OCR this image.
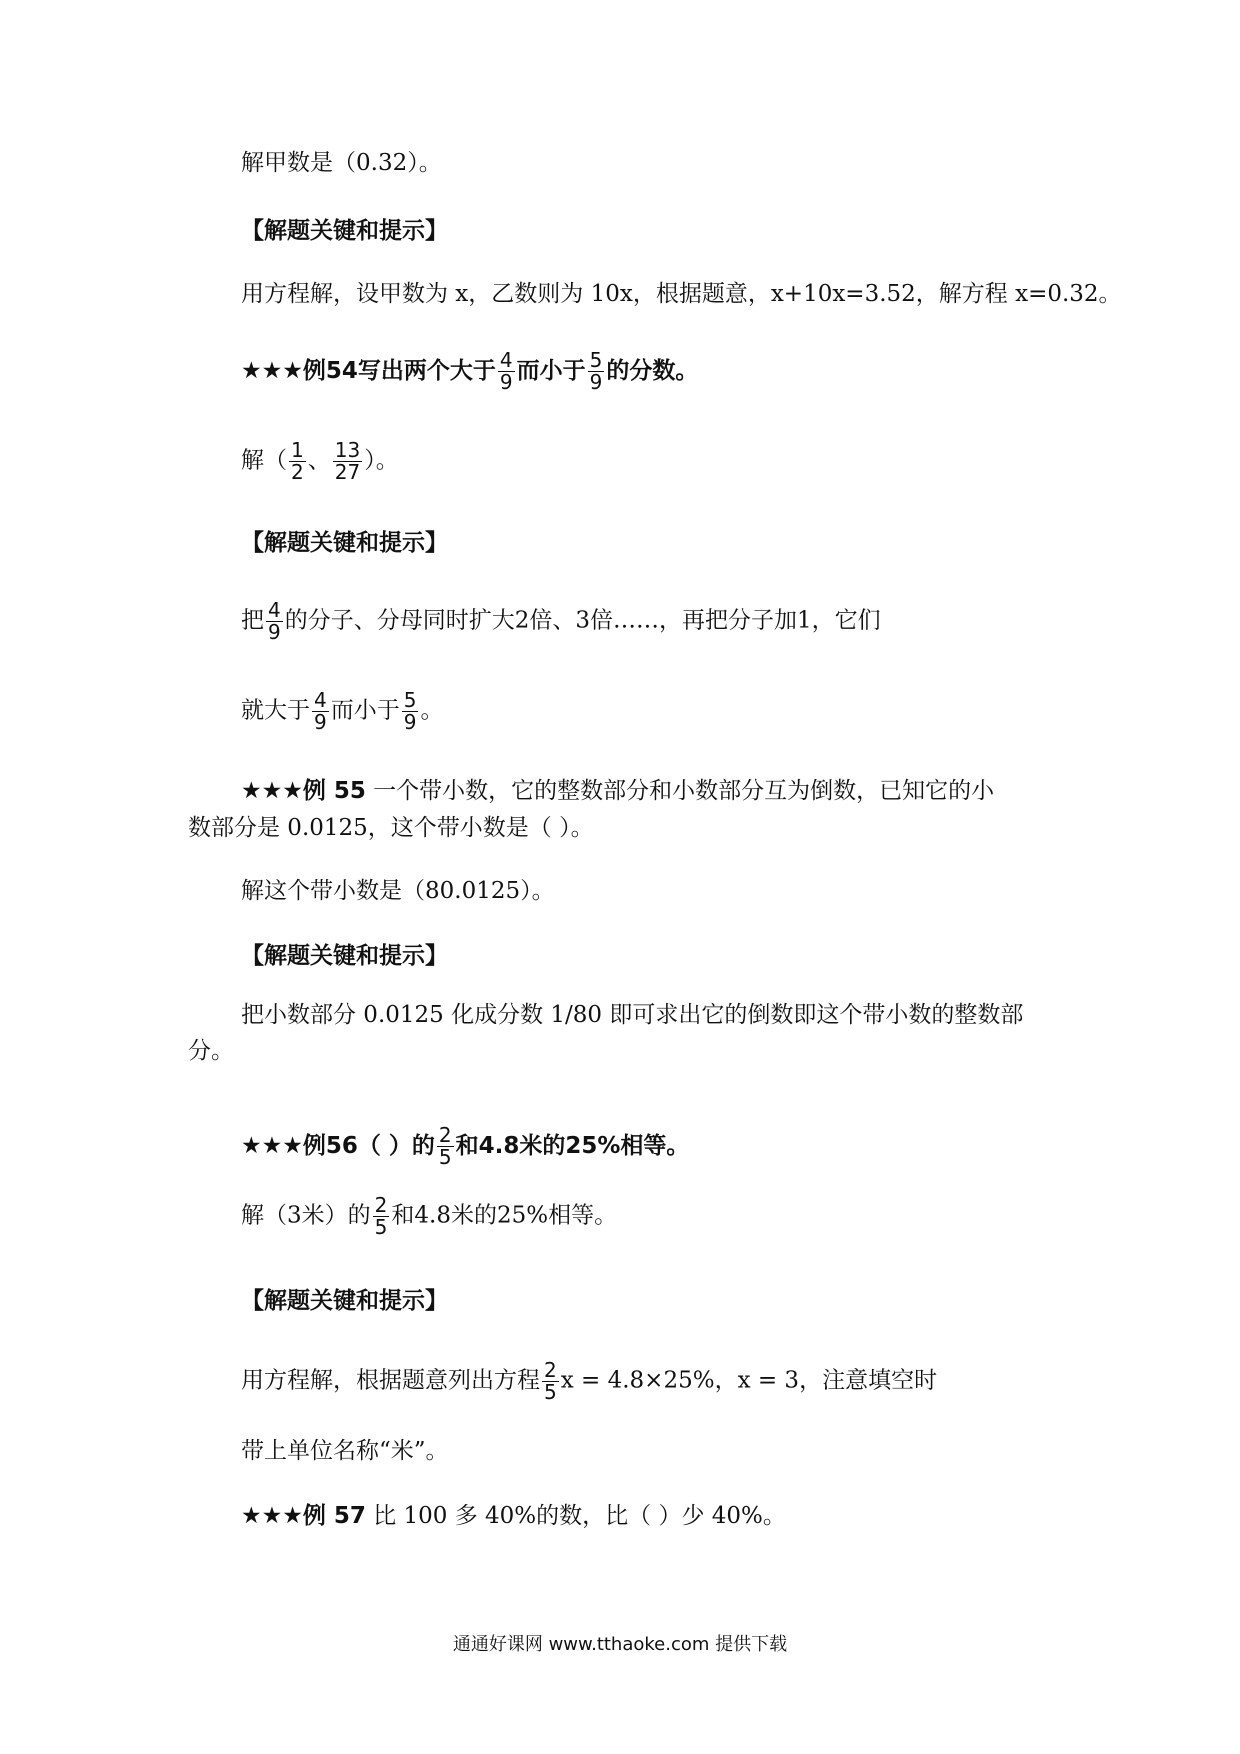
解甲数是（0.32）。
【解题关键和提示】
用方程解，设甲数为 x，乙数则为 10x，根据题意，x+10x=3.52，解方程 x=0.32。
★★★例54写出两个大于 $\frac{4}{9}$ 而小于 $\frac{5}{9}$ 的分数。
解（ $\frac{1}{2}$ 、 $\frac{13}{27}$ ）。
【解题关键和提示】
把 $\frac{4}{9}$ 的分子、分母同时扩大2倍、3倍……，再把分子加1，它们
就大于 $\frac{4}{9}$ 而小于 $\frac{5}{9}$ 。
★★★例 55 一个带小数，它的整数部分和小数部分互为倒数，已知它的小
数部分是 0.0125，这个带小数是（ ）。
解这个带小数是（80.0125）。
【解题关键和提示】
把小数部分 0.0125 化成分数 1/80 即可求出它的倒数即这个带小数的整数部
分。
★★★例56（ ）的 $\frac{2}{5}$ 和4.8米的25%相等。
解（3米）的 $\frac{2}{5}$ 和4.8米的25%相等。
【解题关键和提示】
用方程解，根据题意列出方程 $\frac{2}{5}$ x = 4.8×25%，x = 3，注意填空时
带上单位名称“米”。
★★★例 57 比 100 多 40%的数，比（ ）少 40%。
通通好课网 www.tthaoke.com 提供下载
